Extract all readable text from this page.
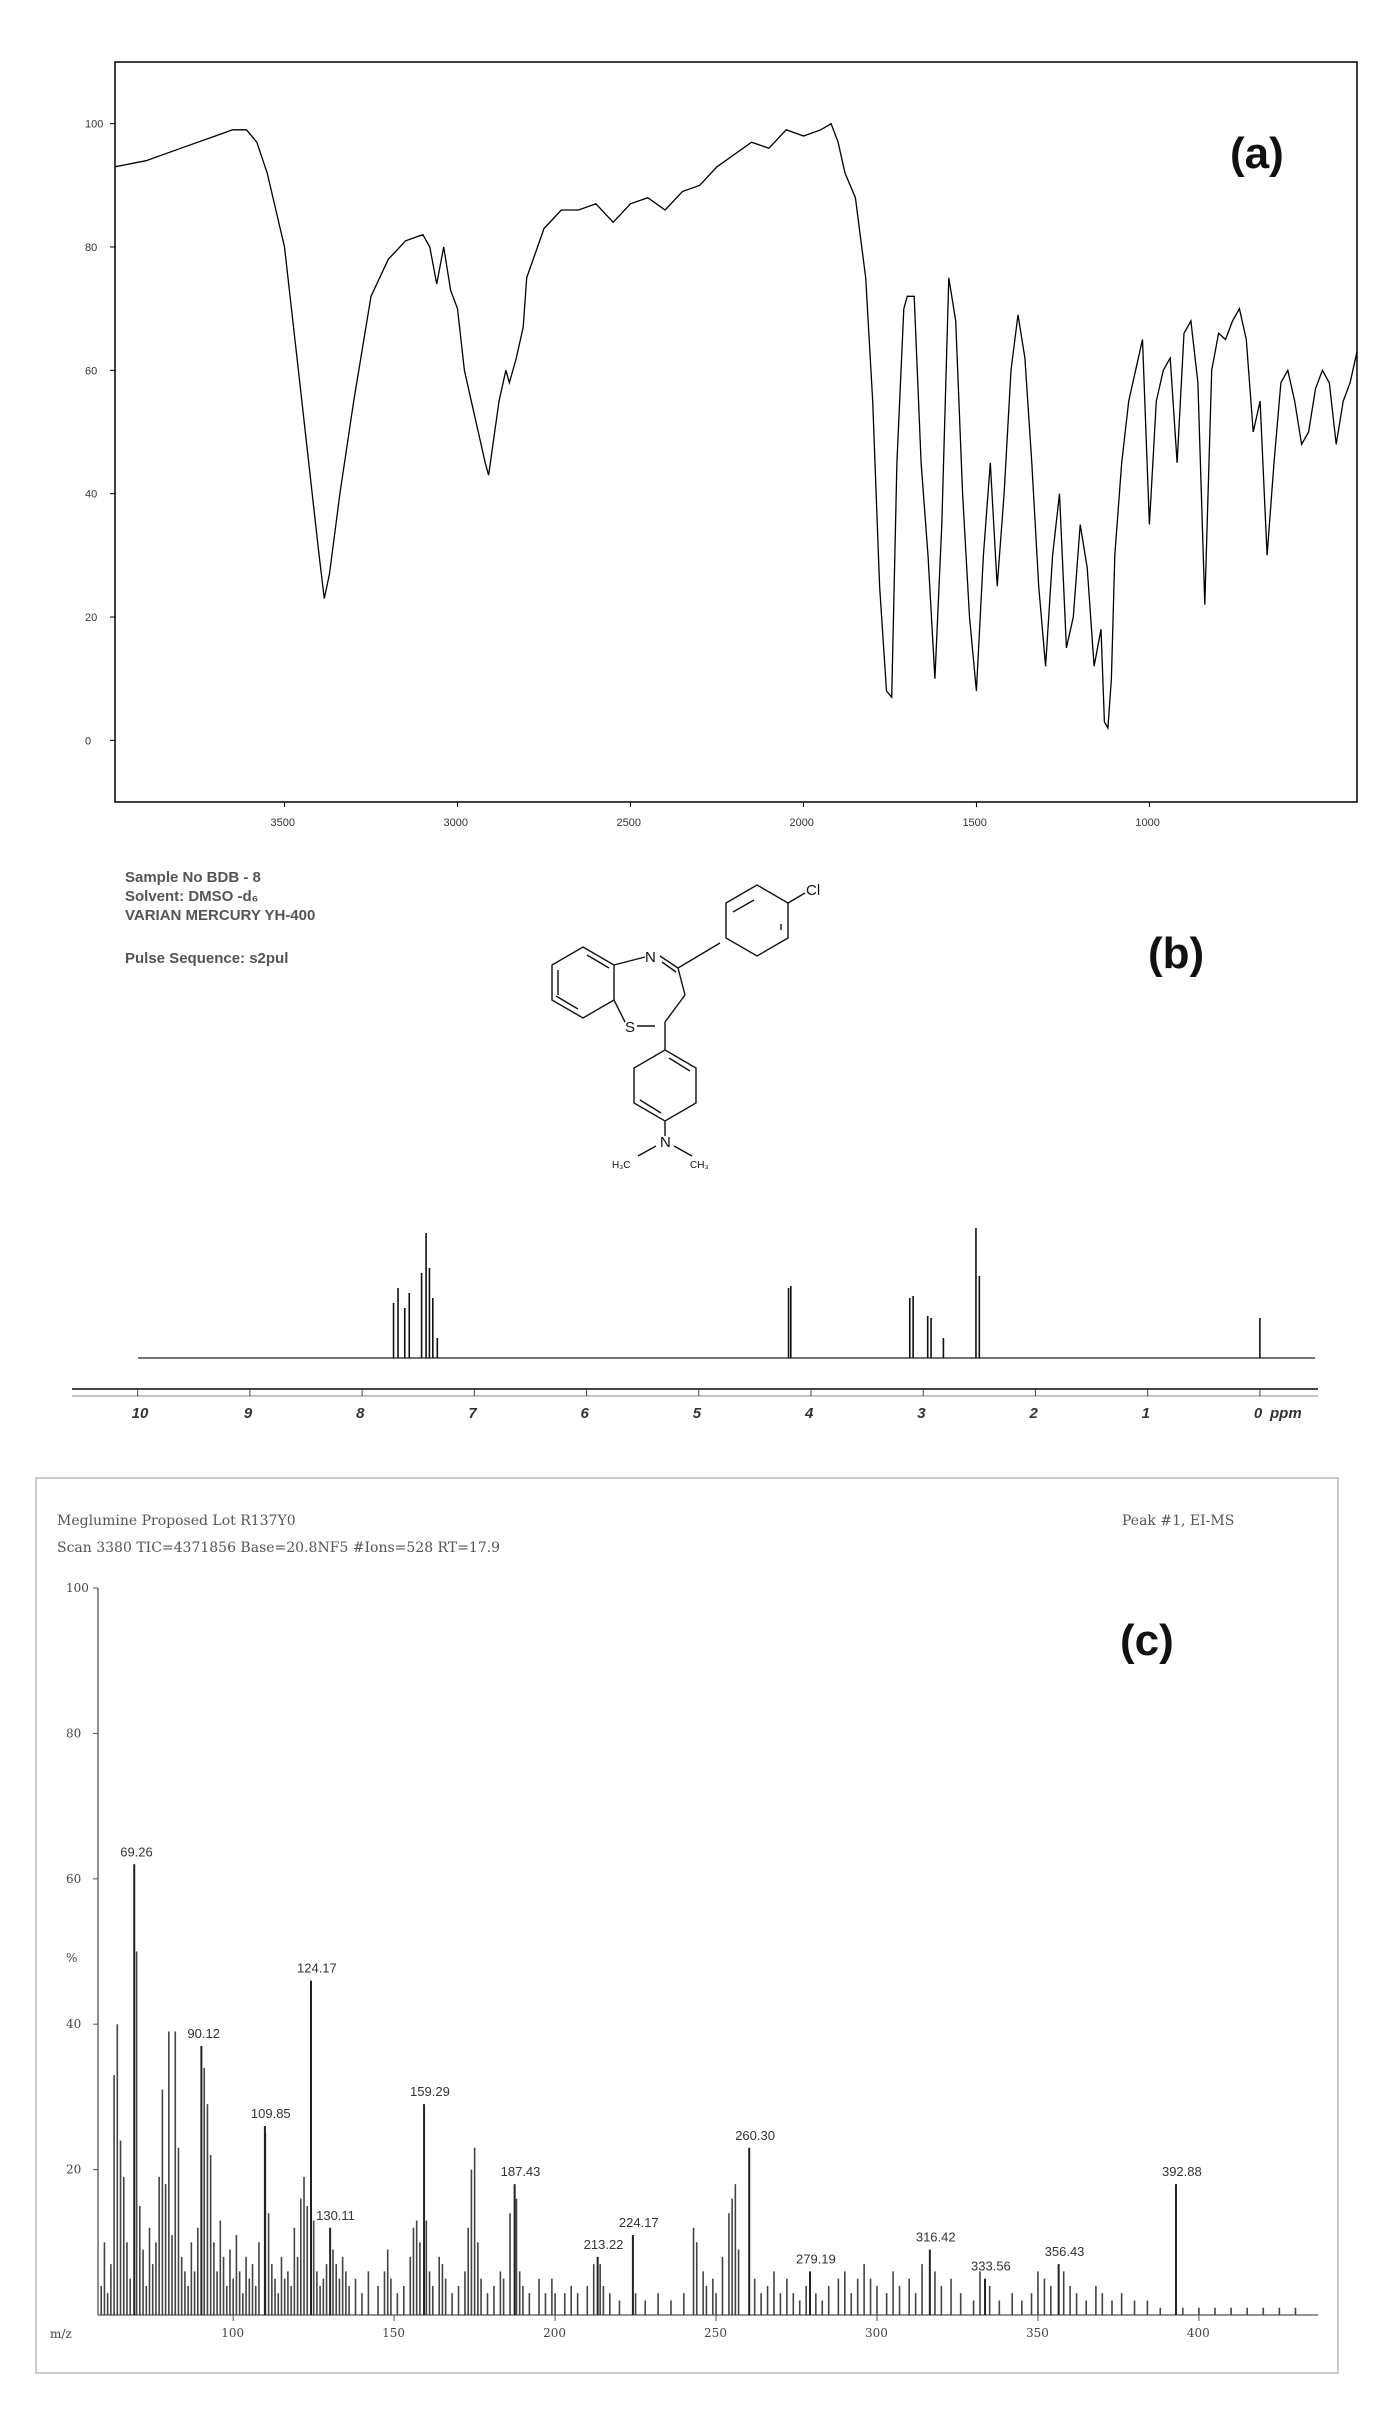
0
20
40
60
80
100
3500	3000	2500	2000	1500	1000
(a)
Sample No BDB - 8
Solvent: DMSO -d₆
VARIAN MERCURY YH-400
Pulse Sequence: s2pul	(b)
N
S
Cl
N
H₃C	CH₃
10	9	8	7	6	5	4	3	2	1	0 ppm
Meglumine Proposed Lot R137Y0
Scan 3380 TIC=4371856 Base=20.8NF5 #Ions=528 RT=17.9
Peak #1, EI-MS
(c)
20
40
60
80
100
100	150	200	250	300	350	400
%
m/z
69.26
90.12
109.85
124.17
130.11
159.29
187.43
213.22
224.17
260.30
279.19
316.42
333.56
356.43
392.88
